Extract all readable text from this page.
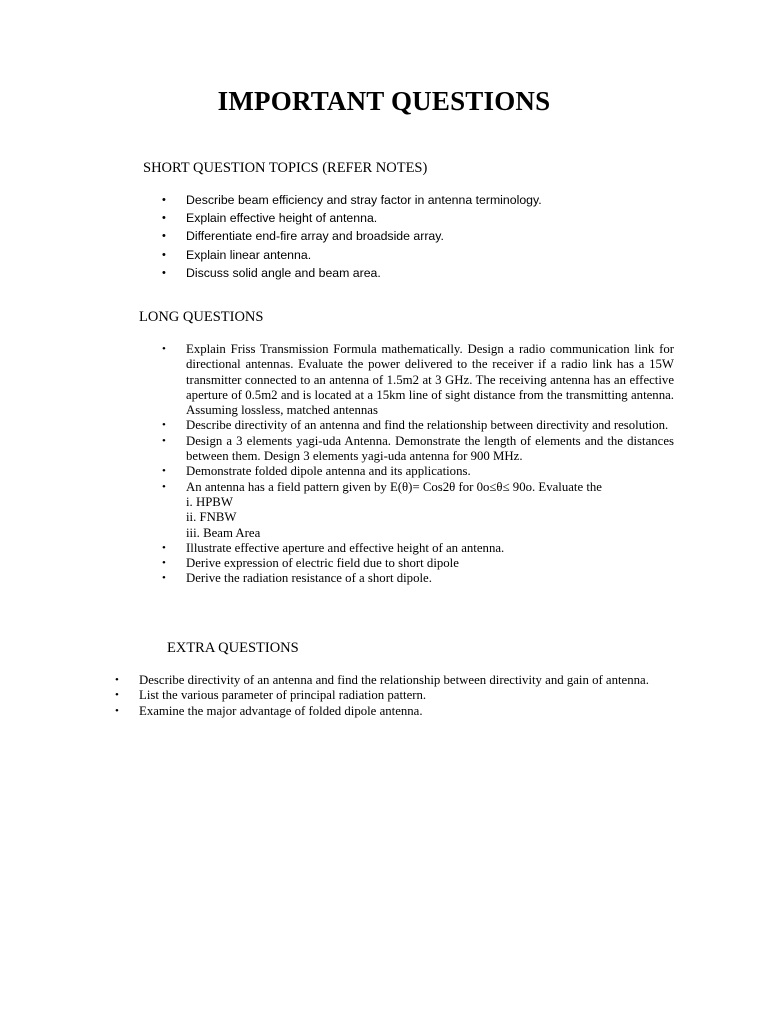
IMPORTANT QUESTIONS
SHORT QUESTION TOPICS (REFER NOTES)
• Describe beam efficiency and stray factor in antenna terminology.
• Explain effective height of antenna.
• Differentiate end-fire array and broadside array.
• Explain linear antenna.
• Discuss solid angle and beam area.
LONG QUESTIONS
• Explain Friss Transmission Formula mathematically. Design a radio communication link for directional antennas. Evaluate the power delivered to the receiver if a radio link has a 15W transmitter connected to an antenna of 1.5m2 at 3 GHz. The receiving antenna has an effective aperture of 0.5m2 and is located at a 15km line of sight distance from the transmitting antenna. Assuming lossless, matched antennas
• Describe directivity of an antenna and find the relationship between directivity and resolution.
• Design a 3 elements yagi-uda Antenna. Demonstrate the length of elements and the distances between them. Design 3 elements yagi-uda antenna for 900 MHz.
• Demonstrate folded dipole antenna and its applications.
• An antenna has a field pattern given by E(θ)= Cos2θ for 0o≤θ≤ 90o. Evaluate the
i. HPBW
ii. FNBW
iii. Beam Area
• Illustrate effective aperture and effective height of an antenna.
• Derive expression of electric field due to short dipole
• Derive the radiation resistance of a short dipole.
EXTRA QUESTIONS
• Describe directivity of an antenna and find the relationship between directivity and gain of antenna.
• List the various parameter of principal radiation pattern.
• Examine the major advantage of folded dipole antenna.
